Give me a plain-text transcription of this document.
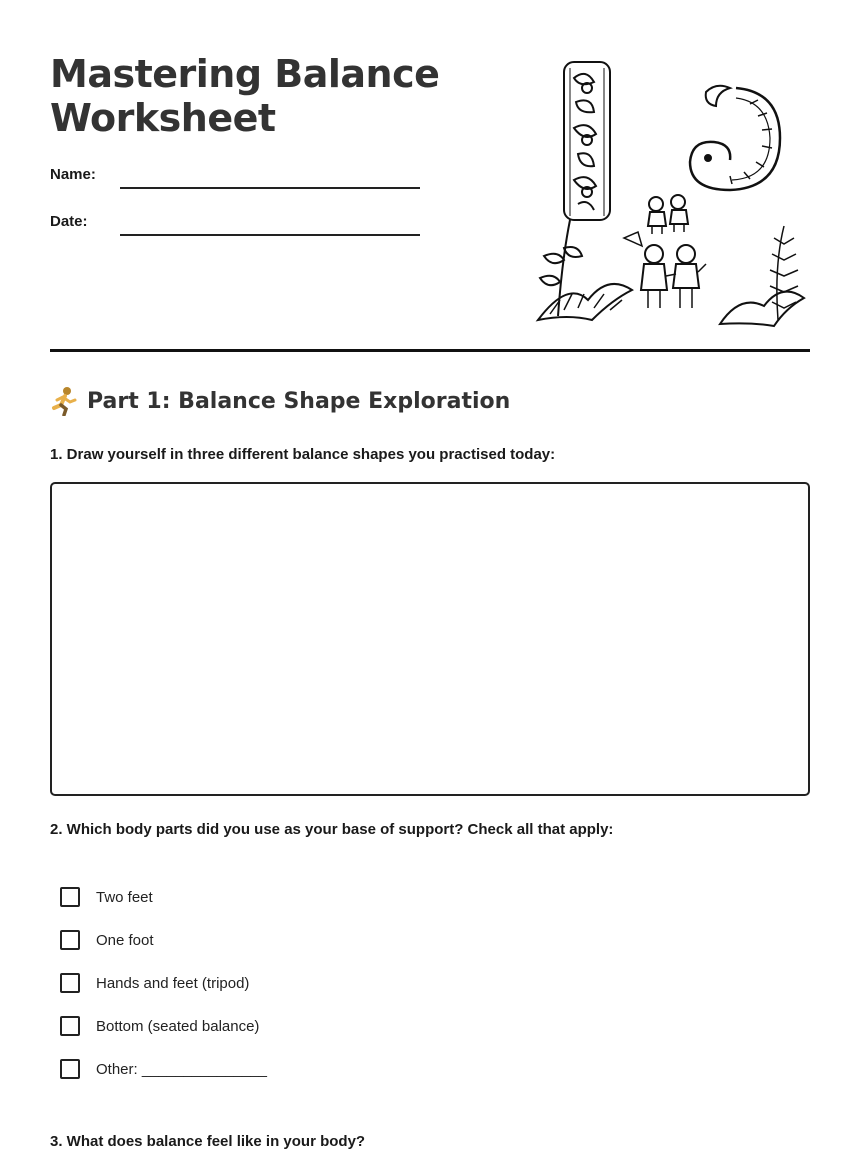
Mastering Balance
Worksheet
Name:
Date:
Part 1: Balance Shape Exploration
1. Draw yourself in three different balance shapes you practised today:
2. Which body parts did you use as your base of support? Check all that apply:
Two feet
One foot
Hands and feet (tripod)
Bottom (seated balance)
Other: _______________
3. What does balance feel like in your body?
